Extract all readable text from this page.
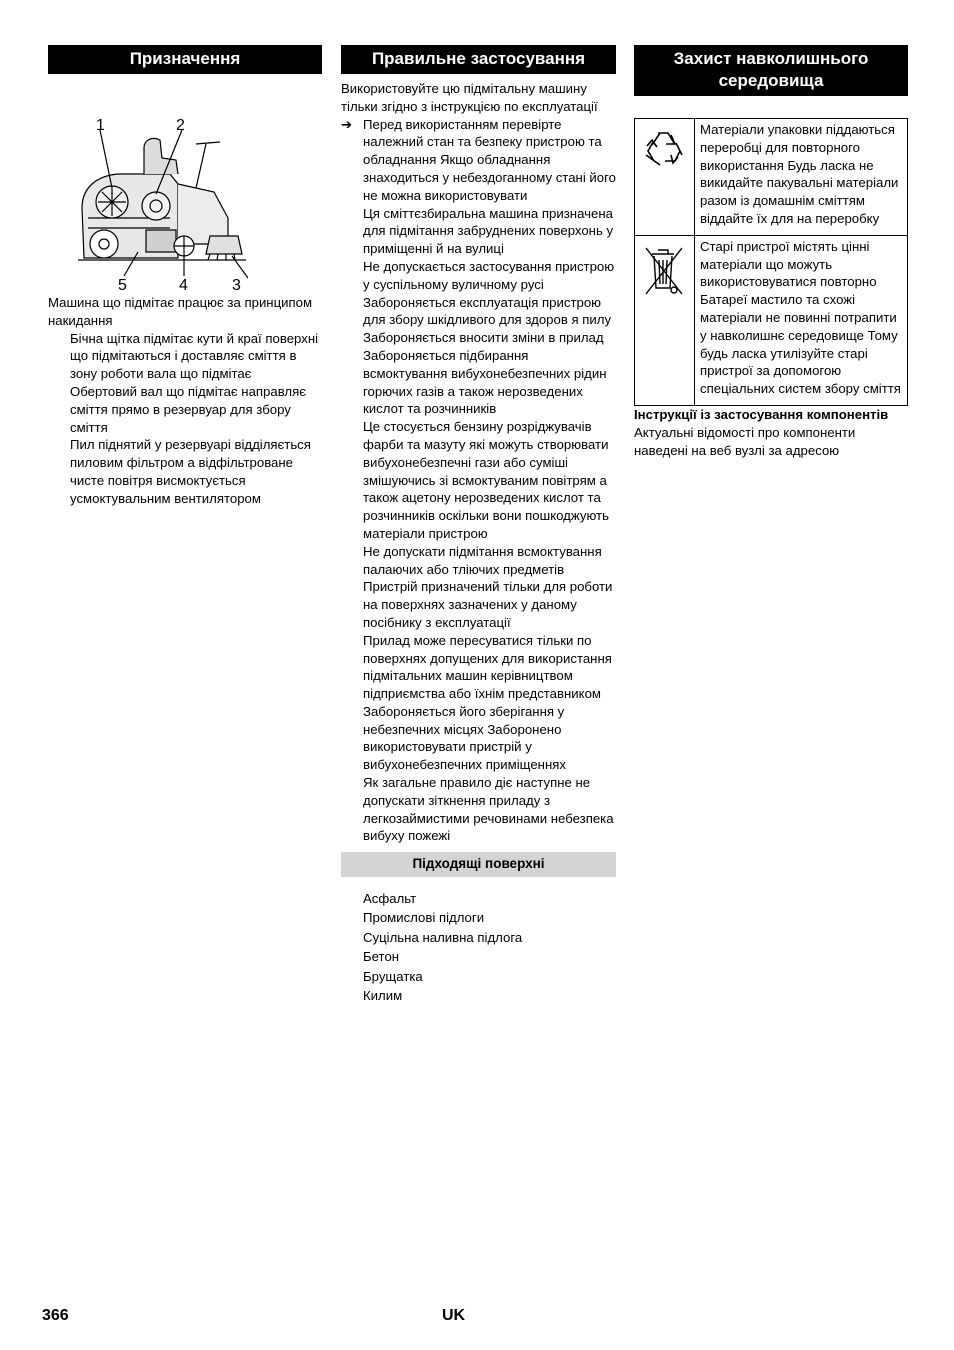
Призначення
1	2
5	4	3

Машина що підмітає працює за принципом накидання

Бічна щітка підмітає кути й краї поверхні що підмітаються і доставляє сміття в зону роботи вала що підмітає

Обертовий вал що підмітає направляє сміття прямо в резервуар для збору сміття

Пил піднятий у резервуарі відділяється пиловим фільтром а відфільтроване чисте повітря висмоктується усмоктувальним вентилятором

Правильне застосування

Використовуйте цю підмітальну машину тільки згідно з інструкцією по експлуатації

➔ Перед використанням перевірте належний стан та безпеку пристрою та обладнання Якщо обладнання знаходиться у небездоганному стані його не можна використовувати

Ця сміттєзбиральна машина призначена для підмітання забруднених поверхонь у приміщенні й на вулиці

Не допускається застосування пристрою у суспільному вуличному русі

Забороняється експлуатація пристрою для збору шкідливого для здоров я пилу

Забороняється вносити зміни в прилад

Забороняється підбирання всмоктування вибухонебезпечних рідин горючих газів а також нерозведених кислот та розчинників

Це стосується бензину розріджувачів фарби та мазуту які можуть створювати вибухонебезпечні гази або суміші змішуючись зі всмоктуваним повітрям а також ацетону нерозведених кислот та розчинників оскільки вони пошкоджують матеріали пристрою

Не допускати підмітання всмоктування палаючих або тліючих предметів

Пристрій призначений тільки для роботи на поверхнях зазначених у даному посібнику з експлуатації

Прилад може пересуватися тільки по поверхнях допущених для використання підмітальних машин керівництвом підприємства або їхнім представником

Забороняється його зберігання у небезпечних місцях Заборонено використовувати пристрій у вибухонебезпечних приміщеннях

Як загальне правило діє наступне не допускати зіткнення приладу з легкозаймистими речовинами небезпека вибуху пожежі

Підходящі поверхні
Асфальт
Промислові підлоги
Суцільна наливна підлога
Бетон
Брущатка
Килим
Захист навколишнього середовища
	Матеріали упаковки піддаються переробці для повторного використання Будь ласка не викидайте пакувальні матеріали разом із домашнім сміттям віддайте їх для на переробку
	Старі пристрої містять цінні матеріали що можуть використовуватися повторно Батареї мастило та схожі матеріали не повинні потрапити у навколишнє середовище Тому будь ласка утилізуйте старі пристрої за допомогою спеціальних систем збору сміття

Інструкції із застосування компонентів

Актуальні відомості про компоненти наведені на веб вузлі за адресою

366	UK
